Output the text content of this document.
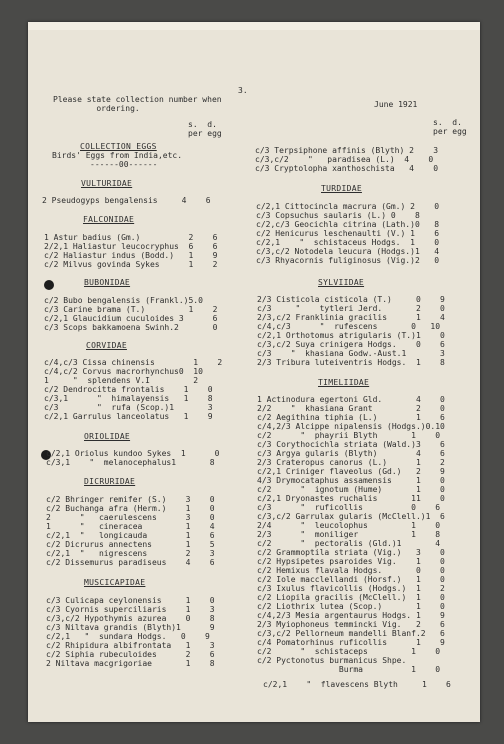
3.
Please state collection number when
ordering.	June 1921
s.  d.
per egg
s.  d.
per egg
COLLECTION EGGS
Birds' Eggs from India,etc.
------00------
VULTURIDAE
2 Pseudogyps bengalensis     4    6
FALCONIDAE
1 Astur badius (Gm.)          2    6
2/2,1 Haliastur leucocryphus  6    6
c/2 Haliastur indus (Bodd.)   1    9
c/2 Milvus govinda Sykes      1    2
BUBONIDAE
c/2 Bubo bengalensis (Frankl.)5.0
c/3 Carine brama (T.)         1    2
c/2,1 Glaucidium cuculoides 3      6
c/3 Scops bakkamoena Swinh.2       0
CORVIDAE
c/4,c/3 Cissa chinensis        1    2
c/4,c/2 Corvus macrorhynchus0  10
1     "  splendens V.I         2
c/2 Dendrocitta frontalis    1    0
c/3,1      "  himalayensis   1    8
c/3        "  rufa (Scop.)1       3
c/2,1 Garrulus lanceolatus   1    9
ORIOLIDAE
c/2,1 Oriolus kundoo Sykes  1      0
c/3,1    "  melanocephalus1       8
DICRURIDAE
c/2 Bhringer remifer (S.)    3    0
c/2 Buchanga afra (Herm.)    1    0
2      "   caerulescens      3    0
1      "   cineracea         1    4
c/2,1  "   longicauda        1    6
c/2 Dicrurus annectens       1    5
c/2,1  "   nigrescens        2    3
c/2 Dissemurus paradiseus    4    6
MUSCICAPIDAE
c/3 Culicapa ceylonensis     1    0
c/3 Cyornis superciliaris    1    3
c/3,c/2 Hypothymis azurea    0    8
c/3 Niltava grandis (Blyth)1      9
c/2,1   "  sundara Hodgs.   0    9
c/2 Rhipidura albifrontata   1    3
c/2 Siphia rubeculoides      2    6
2 Niltava macgrigoriae       1    8
c/3 Terpsiphone affinis (Blyth) 2    3
c/3,c/2    "   paradisea (L.)  4    0
c/3 Cryptolopha xanthoschista   4    0
TURDIDAE
c/2,1 Cittocincla macrura (Gm.) 2    0
c/3 Copsuchus saularis (L.) 0    8
c/2,c/3 Geocichla citrina (Lath.)0   8
c/2 Henicurus leschenaulti (V.) 1    6
c/2,1    "  schistaceus Hodgs.  1    0
c/3,c/2 Notodela leucura (Hodgs.)1   4
c/3 Rhyacornis fuliginosus (Vig.)2   0
SYLVIIDAE
2/3 Cisticola cisticola (T.)     0    9
c/3     "    tytleri Jerd.       2    0
2/3,c/2 Franklinia gracilis      1    4
c/4,c/3      "  rufescens       0   10
c/2,1 Orthotomus atrigularis (T.)1    0
c/3,c/2 Suya crinigera Hodgs.    0    6
c/3    "  khasiana Godw.-Aust.1       3
2/3 Tribura luteiventris Hodgs.  1    8
TIMELIIDAE
1 Actinodura egertoni Gld.       4    0
2/2    "  khasiana Grant         2    0
c/2 Aegithina tiphia (L.)        1    6
c/4,2/3 Alcippe nipalensis (Hodgs.)0.10
c/2      "  phayrii Blyth       1    0
c/3 Corythocichla striata (Wald.)3    6
c/3 Argya gularis (Blyth)        4    6
2/3 Crateropus canorus (L.)      1    2
c/2,1 Criniger flaveolus (Gd.)   2    9
4/3 Drymocataphus assamensis     1    0
c/2      "  ignotum (Hume)       1    0
c/2,1 Dryonastes ruchalis       11    0
c/3      "  ruficollis          0    6
c/3,c/2 Garrulax gularis (McClell.)1  6
2/4      "  leucolophus         1    0
2/3      "  moniliger           1    8
c/2      "  pectoralis (Gld.)1       4
c/2 Grammoptila striata (Vig.)   3    0
c/2 Hypsipetes psaroides Vig.    1    0
c/2 Hemixus flavala Hodgs.       0    0
c/2 Iole macclellandi (Horsf.)   1    0
c/3 Ixulus flavicollis (Hodgs.)  1    2
c/2 Liopila gracilis (McClell.)  1    0
c/2 Liothrix lutea (Scop.)       1    0
c/4,2/3 Mesia argentaurus Hodgs. 1    9
2/3 Myiophoneus temmincki Vig.   2    6
c/3,c/2 Pellorneum mandelli Blanf.2   6
c/4 Pomatorhinus ruficollis      1    9
c/2      "  schistaceps         1    0
c/2 Pyctonotus burmanicus Shpe.
Burma          1    0
c/2,1    "  flavescens Blyth     1    6
